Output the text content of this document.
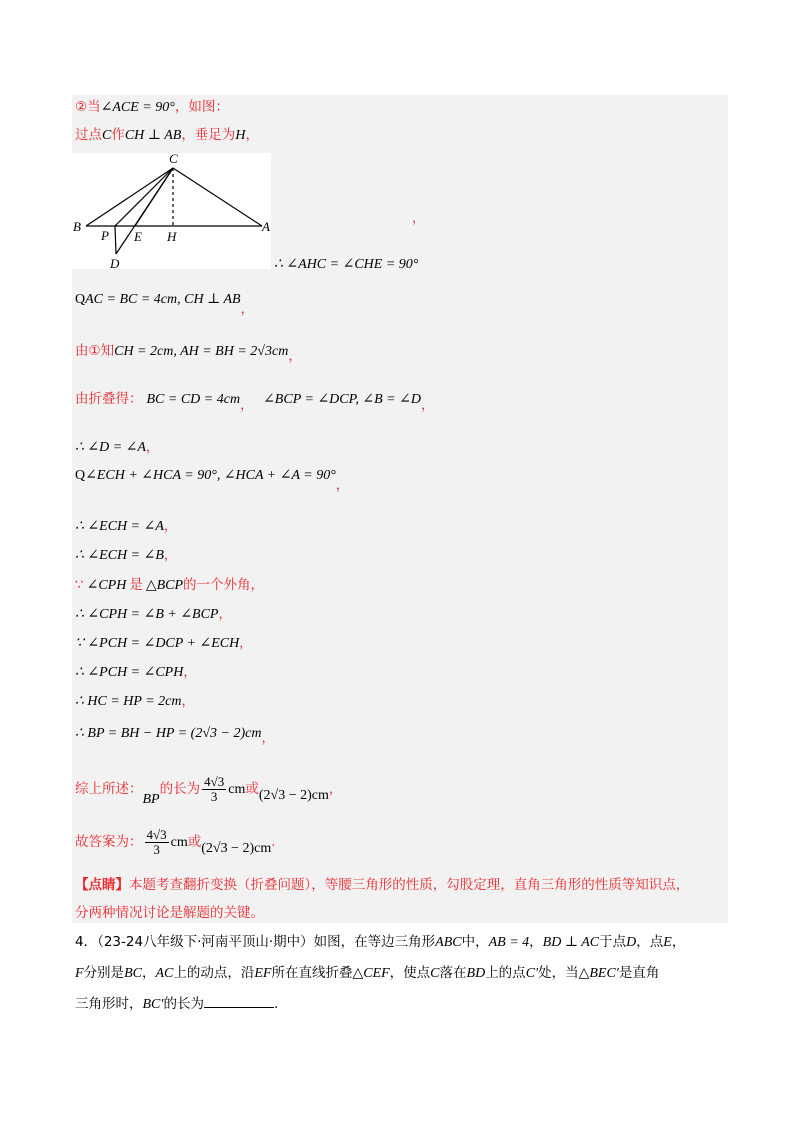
②当∠ACE = 90°，如图：
过点C作CH ⊥ AB，垂足为H，
C
B	A
P E H
D
，
∴ ∠AHC = ∠CHE = 90°
QAC = BC = 4cm, CH ⊥ AB，
由①知CH = 2cm, AH = BH = 2√3cm，
由折叠得： BC = CD = 4cm， ∠BCP = ∠DCP, ∠B = ∠D，
∴ ∠D = ∠A，
Q∠ECH + ∠HCA = 90°, ∠HCA + ∠A = 90°，
∴ ∠ECH = ∠A，
∴ ∠ECH = ∠B，
∵ ∠CPH 是 △BCP的一个外角，
∴ ∠CPH = ∠B + ∠BCP，
∵ ∠PCH = ∠DCP + ∠ECH，
∴ ∠PCH = ∠CPH，
∴ HC = HP = 2cm，
∴ BP = BH − HP = (2√3 − 2)cm，
综上所述：BP的长为 $\frac{4√3}{3}$ cm或(2√3 − 2)cm，
故答案为： $\frac{4√3}{3}$ cm或(2√3 − 2)cm.
【点睛】本题考查翻折变换（折叠问题），等腰三角形的性质，勾股定理，直角三角形的性质等知识点，
分两种情况讨论是解题的关键。
4．（23-24八年级下·河南平顶山·期中）如图，在等边三角形ABC中，AB = 4，BD ⊥ AC于点D，点E，
F分别是BC，AC上的动点，沿EF所在直线折叠△CEF，使点C落在BD上的点C′处，当△BEC′是直角
三角形时，BC′的长为	.
